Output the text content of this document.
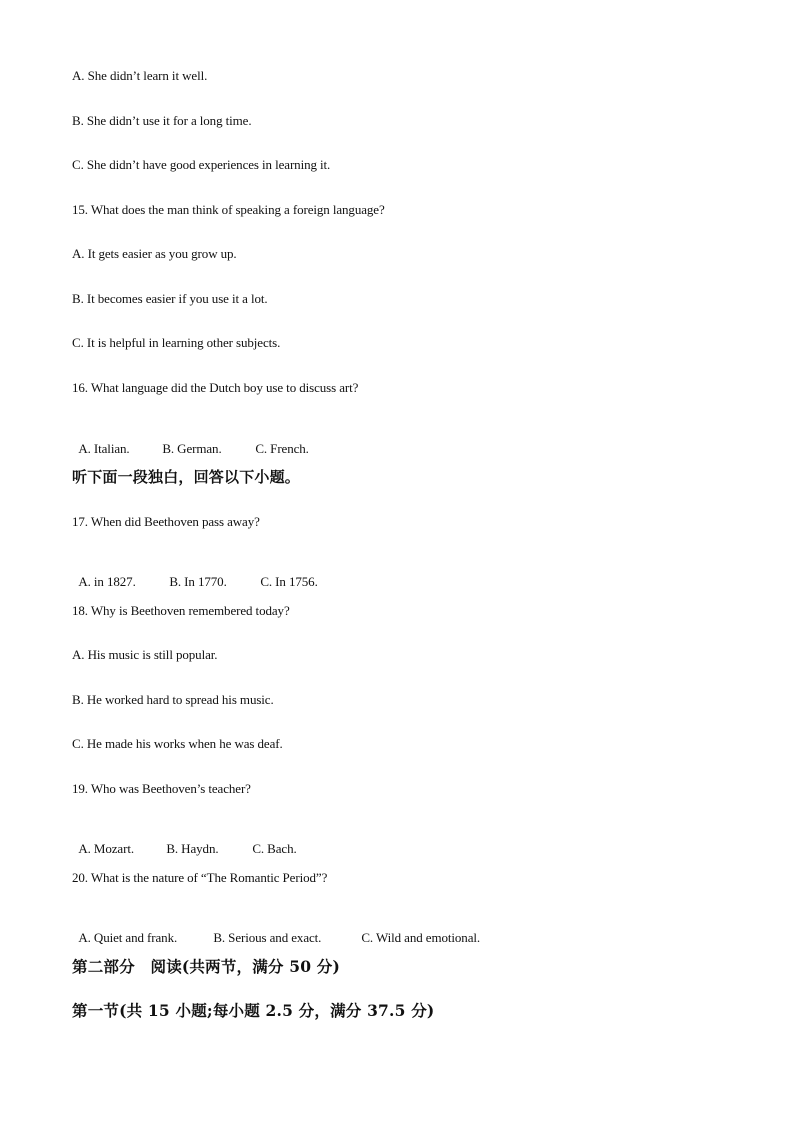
A. She didn’t learn it well.
B. She didn’t use it for a long time.
C. She didn’t have good experiences in learning it.
15. What does the man think of speaking a foreign language?
A. It gets easier as you grow up.
B. It becomes easier if you use it a lot.
C. It is helpful in learning other subjects.
16. What language did the Dutch boy use to discuss art?

A. Italian.	B. German.	C. French.

听下面一段独白，回答以下小题。
17. When did Beethoven pass away?

A. in 1827.	B. In 1770.	C. In 1756.

18. Why is Beethoven remembered today?
A. His music is still popular.
B. He worked hard to spread his music.
C. He made his works when he was deaf.
19. Who was Beethoven’s teacher?

A. Mozart. B. Haydn.	C. Bach.

20. What is the nature of “The Romantic Period”?

A. Quiet and frank.	B. Serious and exact.	C. Wild and emotional.

第二部分　阅读(共两节，满分 50 分)
第一节(共 15 小题;每小题 2.5 分，满分 37.5 分)
